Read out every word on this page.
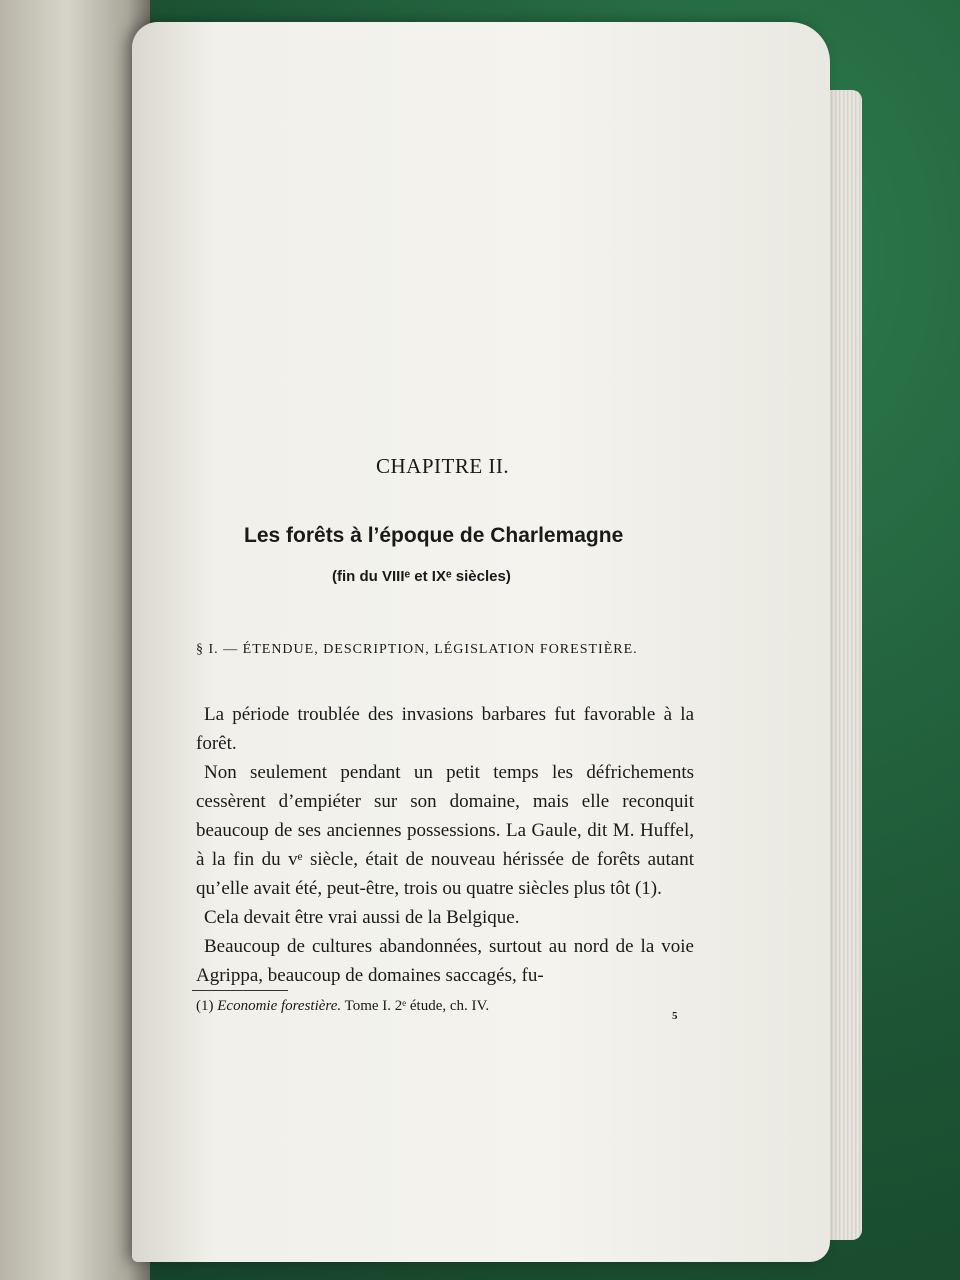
CHAPITRE II.
Les forêts à l’époque de Charlemagne
(fin du VIIIᵉ et IXᵉ siècles)
§ I. — ÉTENDUE, DESCRIPTION, LÉGISLATION FORESTIÈRE.

La période troublée des invasions barbares fut favorable à la forêt.

Non seulement pendant un petit temps les défrichements cessèrent d’empiéter sur son domaine, mais elle reconquit beaucoup de ses anciennes possessions. La Gaule, dit M. Huffel, à la fin du vᵉ siècle, était de nouveau hérissée de forêts autant qu’elle avait été, peut-être, trois ou quatre siècles plus tôt (1).

Cela devait être vrai aussi de la Belgique.

Beaucoup de cultures abandonnées, surtout au nord de la voie Agrippa, beaucoup de domaines saccagés, fu-

(1) Economie forestière. Tome I. 2ᵉ étude, ch. IV.
5
